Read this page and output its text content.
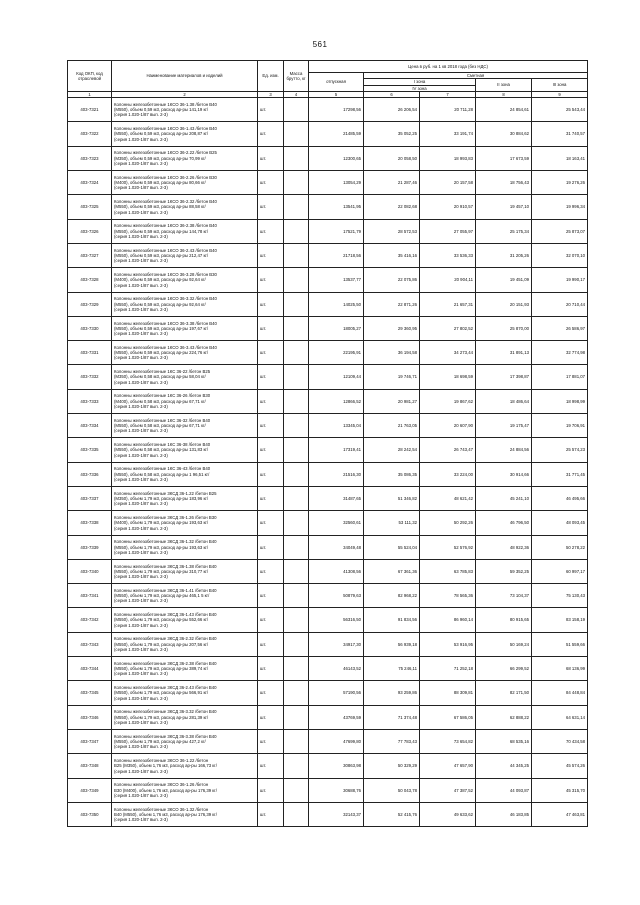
561
Код ОКП, код отраслевой	Наименование материалов и изделий	Ед. изм.	Масса брутто, кг	Цена в руб. на 1 кв 2018 года (без НДС)				
				отпускная	Сметная			
					I зона		II зона	III зона
					IV зона			
1	2	3	4	5	6	7	8	9
403-7321	Колонны железобетонные 1КСО 36-1.38 /бетон В40
(М550), объем 0,59 м3, расход ар-ры 141,19 кг/
(серия 1.020-1/87 вып. 2-3)	шт.		17298,56	26 206,54	20 711,28	24 854,61	25 543,44
403-7322	Колонны железобетонные 1КСО 36-1.43 /бетон В40
(М550), объем 0,59 м3, расход ар-ры 208,87 кг/
(серия 1.020-1/87 вып. 2-3)	шт.		21485,59	35 052,25	33 191,74	30 884,62	31 740,57
403-7323	Колонны железобетонные 1КСО 36-2.22 /бетон В25
(М350), объем 0,59 м3, расход ар-ры 70,99 кг/
(серия 1.020-1/87 вып. 2-3)	шт.		12300,65	20 058,50	18 993,83	17 673,59	18 163,41
403-7324	Колонны железобетонные 1КСО 36-2.26 /бетон В30
(М400), объем 0,59 м3, расход ар-ры 80,66 кг/
(серия 1.020-1/87 вып. 2-3)	шт.		13054,29	21 287,46	20 157,58	18 756,43	19 276,26
403-7325	Колонны железобетонные 1КСО 36-2.32 /бетон В40
(М550), объем 0,59 м3, расход ар-ры 88,58 кг/
(серия 1.020-1/87 вып. 2-3)	шт.		13541,95	22 082,68	20 910,57	19 457,10	19 996,34
403-7326	Колонны железобетонные 1КСО 36-2.38 /бетон В40
(М550), объем 0,59 м3, расход ар-ры 144,78 кг/
(серия 1.020-1/87 вып. 2-3)	шт.		17521,79	28 572,53	27 055,97	25 175,34	25 873,07
403-7327	Колонны железобетонные 1КСО 36-2.43 /бетон В40
(М550), объем 0,59 м3, расход ар-ры 212,47 кг/
(серия 1.020-1/87 вып. 2-3)	шт.		21718,56	35 416,16	33 536,33	31 205,26	32 070,10
403-7328	Колонны железобетонные 1КСО 36-3.28 /бетон В30
(М400), объем 0,59 м3, расход ар-ры 92,64 кг/
(серия 1.020-1/87 вып. 2-3)	шт.		13537,77	22 075,86	20 904,11	19 451,09	19 990,17
403-7329	Колонны железобетонные 1КСО 36-3.32 /бетон В40
(М550), объем 0,59 м3, расход ар-ры 92,64 кг/
(серия 1.020-1/87 вып. 2-3)	шт.		14025,50	22 871,26	21 657,31	20 151,93	20 710,44
403-7330	Колонны железобетонные 1КСО 36-3.38 /бетон В40
(М550), объем 0,59 м3, расход ар-ры 197,67 кг/
(серия 1.020-1/87 вып. 2-3)	шт.		18005,27	29 360,95	27 802,52	25 870,00	26 586,97
403-7331	Колонны железобетонные 1КСО 36-3.43 /бетон В40
(М550), объем 0,59 м3, расход ар-ры 224,76 кг/
(серия 1.020-1/87 вып. 2-3)	шт.		22195,91	36 194,58	34 273,44	31 891,13	32 774,98
403-7332	Колонны железобетонные 1КС 36-22 /бетон В25
(М350), объем 0,58 м3, расход ар-ры 58,04 кг/
(серия 1.020-1/87 вып. 2-3)	шт.		12109,44	19 746,71	18 698,59	17 398,87	17 881,07
403-7333	Колонны железобетонные 1КС 36-26 /бетон В30
(М400), объем 0,58 м3, расход ар-ры 67,71 кг/
(серия 1.020-1/87 вып. 2-3)	шт.		12866,52	20 981,27	19 867,62	18 486,64	18 998,99
403-7334	Колонны железобетонные 1КС 36-32 /бетон В40
(М550), объем 0,58 м3, расход ар-ры 67,71 кг/
(серия 1.020-1/87 вып. 2-3)	шт.		13345,04	21 763,05	20 607,90	19 175,47	19 706,91
403-7335	Колонны железобетонные 1КС 36-38 /бетон В40
(М550), объем 0,58 м3, расход ар-ры 131,83 кг/
(серия 1.020-1/87 вып. 2-3)	шт.		17319,41	28 242,54	26 743,47	24 884,56	25 574,23
403-7336	Колонны железобетонные 1КС 36-43 /бетон В40
(М550), объем 0,58 м3, расход ар-ры 1 96,51 кг/
(серия 1.020-1/87 вып. 2-3)	шт.		21516,30	35 086,35	33 224,00	30 914,66	31 771,45
403-7337	Колонны железобетонные 3КСД 36-1.22 /бетон В25
(М350), объем 1,79 м3, расход ар-ры 183,96 кг/
(серия 1.020-1/87 вып. 2-3)	шт.		31487,65	51 346,82	48 621,42	45 241,10	46 495,66
403-7338	Колонны железобетонные 3КСД 36-1.26 /бетон В30
(М400), объем 1,79 м3, расход ар-ры 193,63 кг/
(серия 1.020-1/87 вып. 2-3)	шт.		32560,61	53 111,32	50 292,26	46 796,50	48 093,45
403-7339	Колонны железобетонные 3КСД 36-1.32 /бетон В40
(М550), объем 1,79 м3, расход ар-ры 193,63 кг/
(серия 1.020-1/87 вып. 2-3)	шт.		34049,48	55 524,04	52 576,92	48 922,36	50 278,22
403-7340	Колонны железобетонные 3КСД 36-1.38 /бетон В40
(М550), объем 1,79 м3, расход ар-ры 310,77 кг/
(серия 1.020-1/87 вып. 2-3)	шт.		41308,56	67 361,36	63 785,83	59 352,25	60 997,17
403-7341	Колонны железобетонные 3КСД 36-1.41 /бетон В40
(М550), объем 1,79 м3, расход ар-ры 465,1 5 кг/
(серия 1.020-1/87 вып. 2-3)	шт.		50879,63	82 968,22	78 565,36	73 104,37	75 130,43
403-7342	Колонны железобетонные 3КСД 36-1.43 /бетон В40
(М550), объем 1,79 м3, расход ар-ры 552,66 кг/
(серия 1.020-1/87 вып. 2-3)	шт.		56316,50	91 834,56	86 960,14	80 915,65	83 158,19
403-7343	Колонны железобетонные 3КСД 36-2.32 /бетон В40
(М550), объем 1,79 м3, расход ар-ры 207,56 кг/
(серия 1.020-1/87 вып. 2-3)	шт.		34917,30	56 939,18	53 916,95	50 169,24	51 559,66
403-7344	Колонны железобетонные 3КСД 36-2.38 /бетон В40
(М550), объем 1,79 м3, расход ар-ры 389,74 кг/
(серия 1.020-1/87 вып. 2-3)	шт.		46143,52	75 246,11	71 252,18	66 299,52	68 136,99
403-7345	Колонны железобетонные 3КСД 36-2.43 /бетон В40
(М550), объем 1,79 м3, расход ар-ры 566,91 кг/
(серия 1.020-1/87 вып. 2-3)	шт.		57190,56	93 259,86	88 309,81	82 171,50	84 448,84
403-7346	Колонны железобетонные 3КСД 36-3.32 /бетон В40
(М550), объем 1,79 м3, расход ар-ры 281,39 кг/
(серия 1.020-1/87 вып. 2-3)	шт.		43769,59	71 374,48	67 586,05	62 888,22	64 631,14
403-7347	Колонны железобетонные 3КСД 36-3.38 /бетон В40
(М550), объем 1,79 м3, расход ар-ры 427,2 кг/
(серия 1.020-1/87 вып. 2-3)	шт.		47699,80	77 783,43	73 654,82	68 535,16	70 434,58
403-7348	Колонны железобетонные 3КСО 36-1.22 /бетон
В25 (М350), объем 1,76 м3, расход ар-ры 166,73 кг/
(серия 1.020-1/87 вып. 2-3)	шт.		30863,98	50 329,29	47 657,90	44 345,25	45 574,26
403-7349	Колонны железобетонные 3КСО 36-1.26 /бетон
В30 (М400), объем 1,76 м3, расход ар-ры 176,39 кг/
(серия 1.020-1/87 вып. 2-3)	шт.		30688,76	50 043,78	47 387,52	44 093,87	45 315,70
403-7350	Колонны железобетонные 3КСО 36-1.32 /бетон
В40 (М550), объем 1,76 м3, расход ар-ры 176,39 кг/
(серия 1.020-1/87 вып. 2-3)	шт.		32143,37	52 415,76	49 633,62	46 183,85	47 463,81
